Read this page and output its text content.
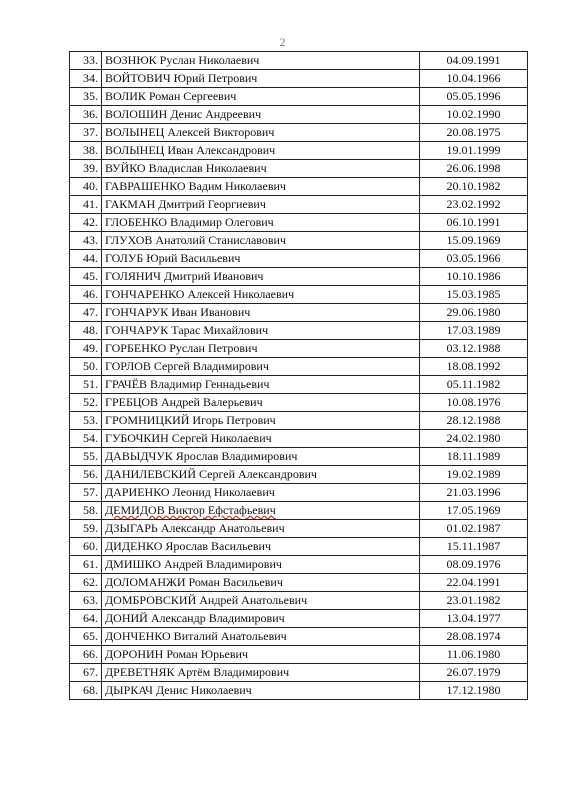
2
33.	ВОЗНЮК Руслан Николаевич	04.09.1991
34.	ВОЙТОВИЧ Юрий Петрович	10.04.1966
35.	ВОЛИК Роман Сергеевич	05.05.1996
36.	ВОЛОШИН Денис Андреевич	10.02.1990
37.	ВОЛЫНЕЦ Алексей Викторович	20.08.1975
38.	ВОЛЫНЕЦ Иван Александрович	19.01.1999
39.	ВУЙКО Владислав Николаевич	26.06.1998
40.	ГАВРАШЕНКО Вадим Николаевич	20.10.1982
41.	ГАКМАН Дмитрий Георгиевич	23.02.1992
42.	ГЛОБЕНКО Владимир Олегович	06.10.1991
43.	ГЛУХОВ Анатолий Станиславович	15.09.1969
44.	ГОЛУБ Юрий Васильевич	03.05.1966
45.	ГОЛЯНИЧ Дмитрий Иванович	10.10.1986
46.	ГОНЧАРЕНКО Алексей Николаевич	15.03.1985
47.	ГОНЧАРУК Иван Иванович	29.06.1980
48.	ГОНЧАРУК Тарас Михайлович	17.03.1989
49.	ГОРБЕНКО Руслан Петрович	03.12.1988
50.	ГОРЛОВ Сергей Владимирович	18.08.1992
51.	ГРАЧЁВ Владимир Геннадьевич	05.11.1982
52.	ГРЕБЦОВ Андрей Валерьевич	10.08.1976
53.	ГРОМНИЦКИЙ Игорь Петрович	28.12.1988
54.	ГУБОЧКИН Сергей Николаевич	24.02.1980
55.	ДАВЫДЧУК Ярослав Владимирович	18.11.1989
56.	ДАНИЛЕВСКИЙ Сергей Александрович	19.02.1989
57.	ДАРИЕНКО Леонид Николаевич	21.03.1996
58.	ДЕМИДОВ Виктор Ефстафьевич	17.05.1969
59.	ДЗЫГАРЬ Александр Анатольевич	01.02.1987
60.	ДИДЕНКО Ярослав Васильевич	15.11.1987
61.	ДМИШКО Андрей Владимирович	08.09.1976
62.	ДОЛОМАНЖИ Роман Васильевич	22.04.1991
63.	ДОМБРОВСКИЙ Андрей Анатольевич	23.01.1982
64.	ДОНИЙ Александр Владимирович	13.04.1977
65.	ДОНЧЕНКО Виталий Анатольевич	28.08.1974
66.	ДОРОНИН Роман Юрьевич	11.06.1980
67.	ДРЕВЕТНЯК Артём Владимирович	26.07.1979
68.	ДЫРКАЧ Денис Николаевич	17.12.1980
